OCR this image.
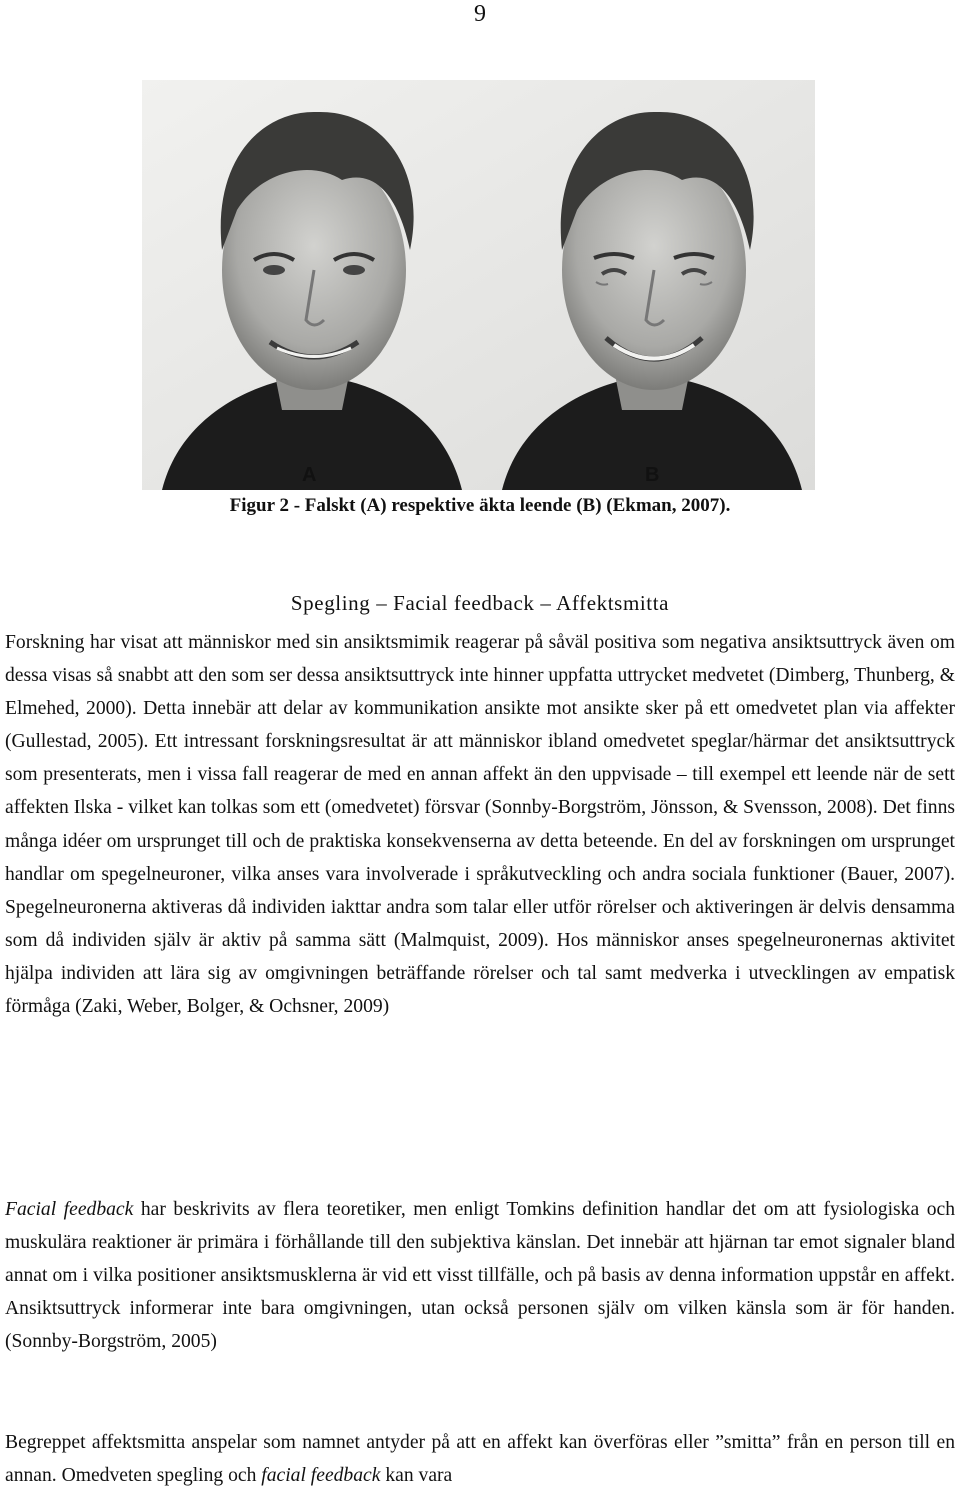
9
A	B
Figur 2 - Falskt (A) respektive äkta leende (B) (Ekman, 2007).
Spegling – Facial feedback – Affektsmitta

Forskning har visat att människor med sin ansiktsmimik reagerar på såväl positiva som negativa ansiktsuttryck även om dessa visas så snabbt att den som ser dessa ansiktsuttryck inte hinner uppfatta uttrycket medvetet (Dimberg, Thunberg, & Elmehed, 2000). Detta innebär att delar av kommunikation ansikte mot ansikte sker på ett omedvetet plan via affekter (Gullestad, 2005). Ett intressant forskningsresultat är att människor ibland omedvetet speglar/härmar det ansiktsuttryck som presenterats, men i vissa fall reagerar de med en annan affekt än den uppvisade – till exempel ett leende när de sett affekten Ilska - vilket kan tolkas som ett (omedvetet) försvar (Sonnby-Borgström, Jönsson, & Svensson, 2008). Det finns många idéer om ursprunget till och de praktiska konsekvenserna av detta beteende. En del av forskningen om ursprunget handlar om spegelneuroner, vilka anses vara involverade i språkutveckling och andra sociala funktioner (Bauer, 2007). Spegelneuronerna aktiveras då individen iakttar andra som talar eller utför rörelser och aktiveringen är delvis densamma som då individen själv är aktiv på samma sätt (Malmquist, 2009). Hos människor anses spegelneuronernas aktivitet hjälpa individen att lära sig av omgivningen beträffande rörelser och tal samt medverka i utvecklingen av empatisk förmåga (Zaki, Weber, Bolger, & Ochsner, 2009)

Facial feedback har beskrivits av flera teoretiker, men enligt Tomkins definition handlar det om att fysiologiska och muskulära reaktioner är primära i förhållande till den subjektiva känslan. Det innebär att hjärnan tar emot signaler bland annat om i vilka positioner ansiktsmusklerna är vid ett visst tillfälle, och på basis av denna information uppstår en affekt. Ansiktsuttryck informerar inte bara omgivningen, utan också personen själv om vilken känsla som är för handen. (Sonnby-Borgström, 2005)

Begreppet affektsmitta anspelar som namnet antyder på att en affekt kan överföras eller ”smitta” från en person till en annan. Omedveten spegling och facial feedback kan vara
